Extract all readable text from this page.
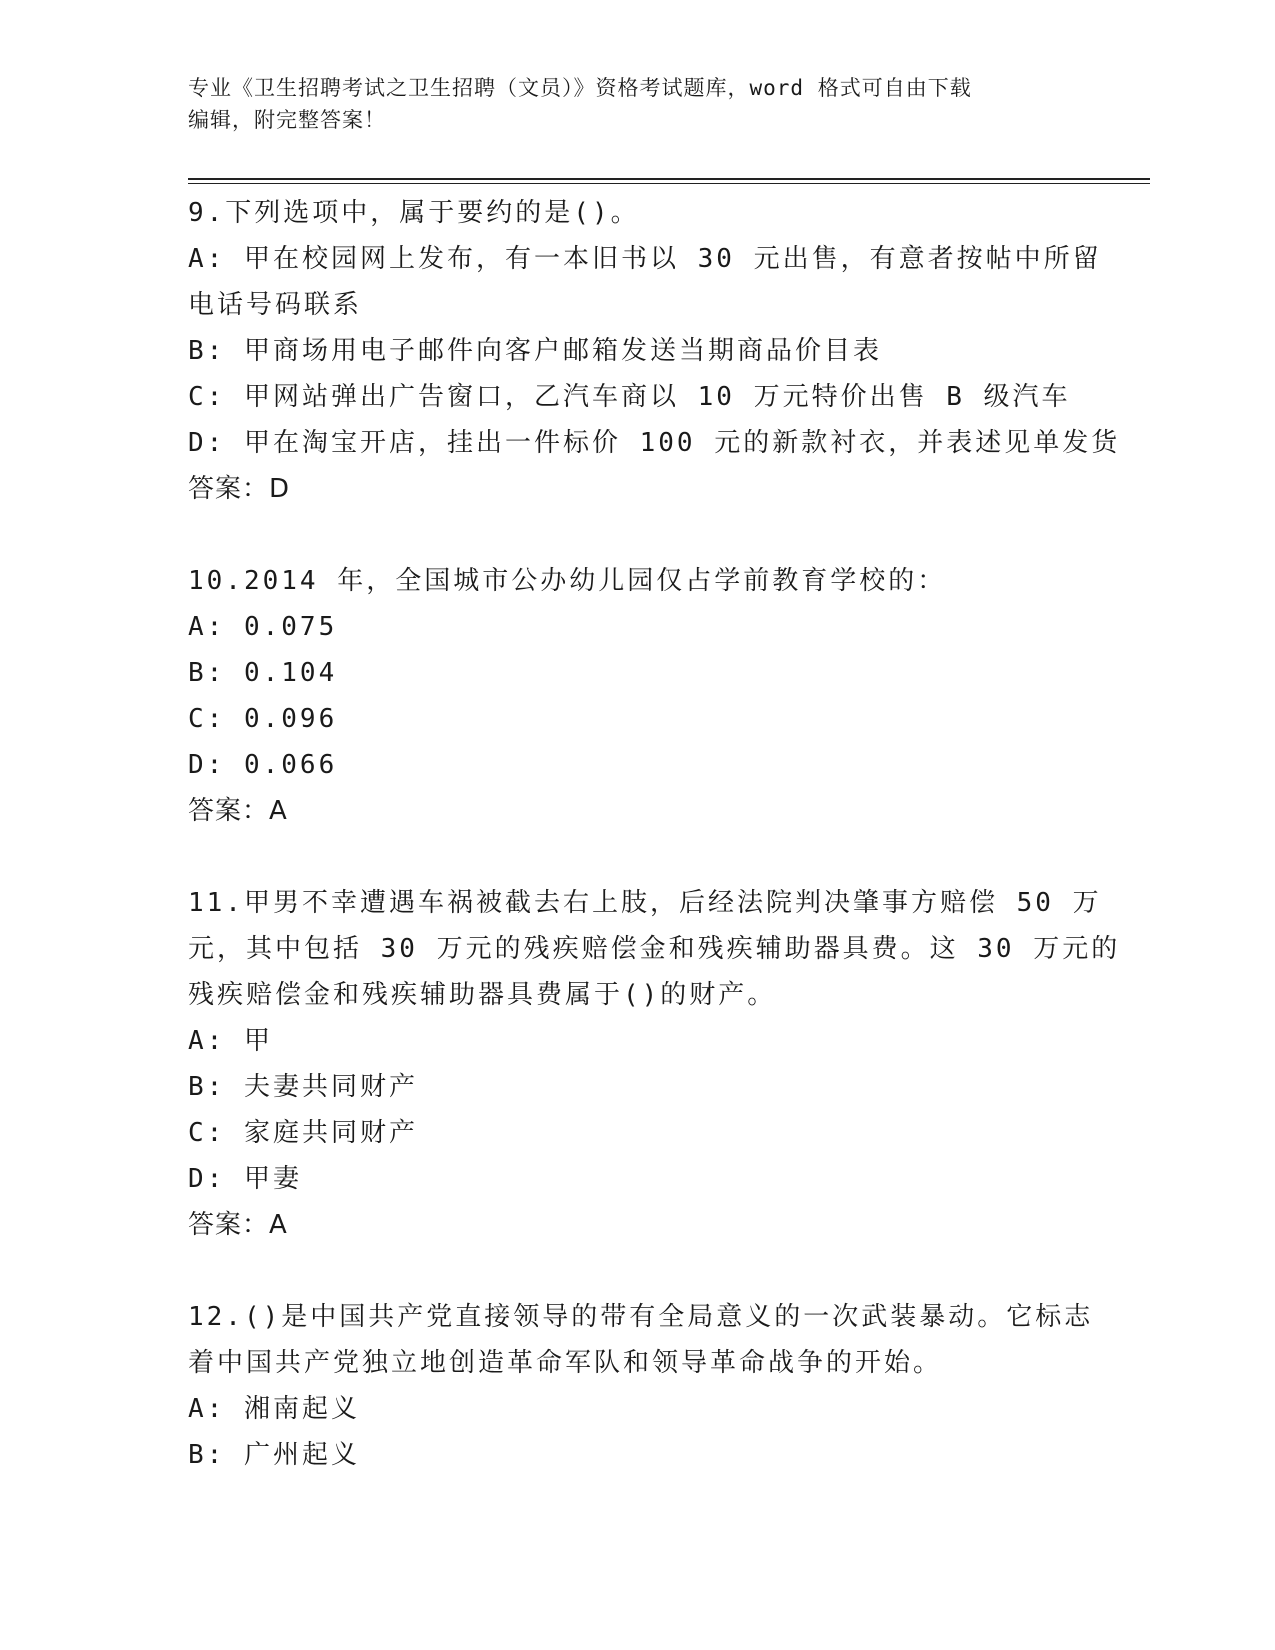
专业《卫生招聘考试之卫生招聘（文员）》资格考试题库，word 格式可自由下载
编辑，附完整答案！
9.下列选项中，属于要约的是()。
A: 甲在校园网上发布，有一本旧书以 30 元出售，有意者按帖中所留
电话号码联系
B: 甲商场用电子邮件向客户邮箱发送当期商品价目表
C: 甲网站弹出广告窗口，乙汽车商以 10 万元特价出售 B 级汽车
D: 甲在淘宝开店，挂出一件标价 100 元的新款衬衣，并表述见单发货
答案：D
10.2014 年，全国城市公办幼儿园仅占学前教育学校的：
A: 0.075
B: 0.104
C: 0.096
D: 0.066
答案：A
11.甲男不幸遭遇车祸被截去右上肢，后经法院判决肇事方赔偿 50 万
元，其中包括 30 万元的残疾赔偿金和残疾辅助器具费。这 30 万元的
残疾赔偿金和残疾辅助器具费属于()的财产。
A: 甲
B: 夫妻共同财产
C: 家庭共同财产
D: 甲妻
答案：A
12.()是中国共产党直接领导的带有全局意义的一次武装暴动。它标志
着中国共产党独立地创造革命军队和领导革命战争的开始。
A: 湘南起义
B: 广州起义
